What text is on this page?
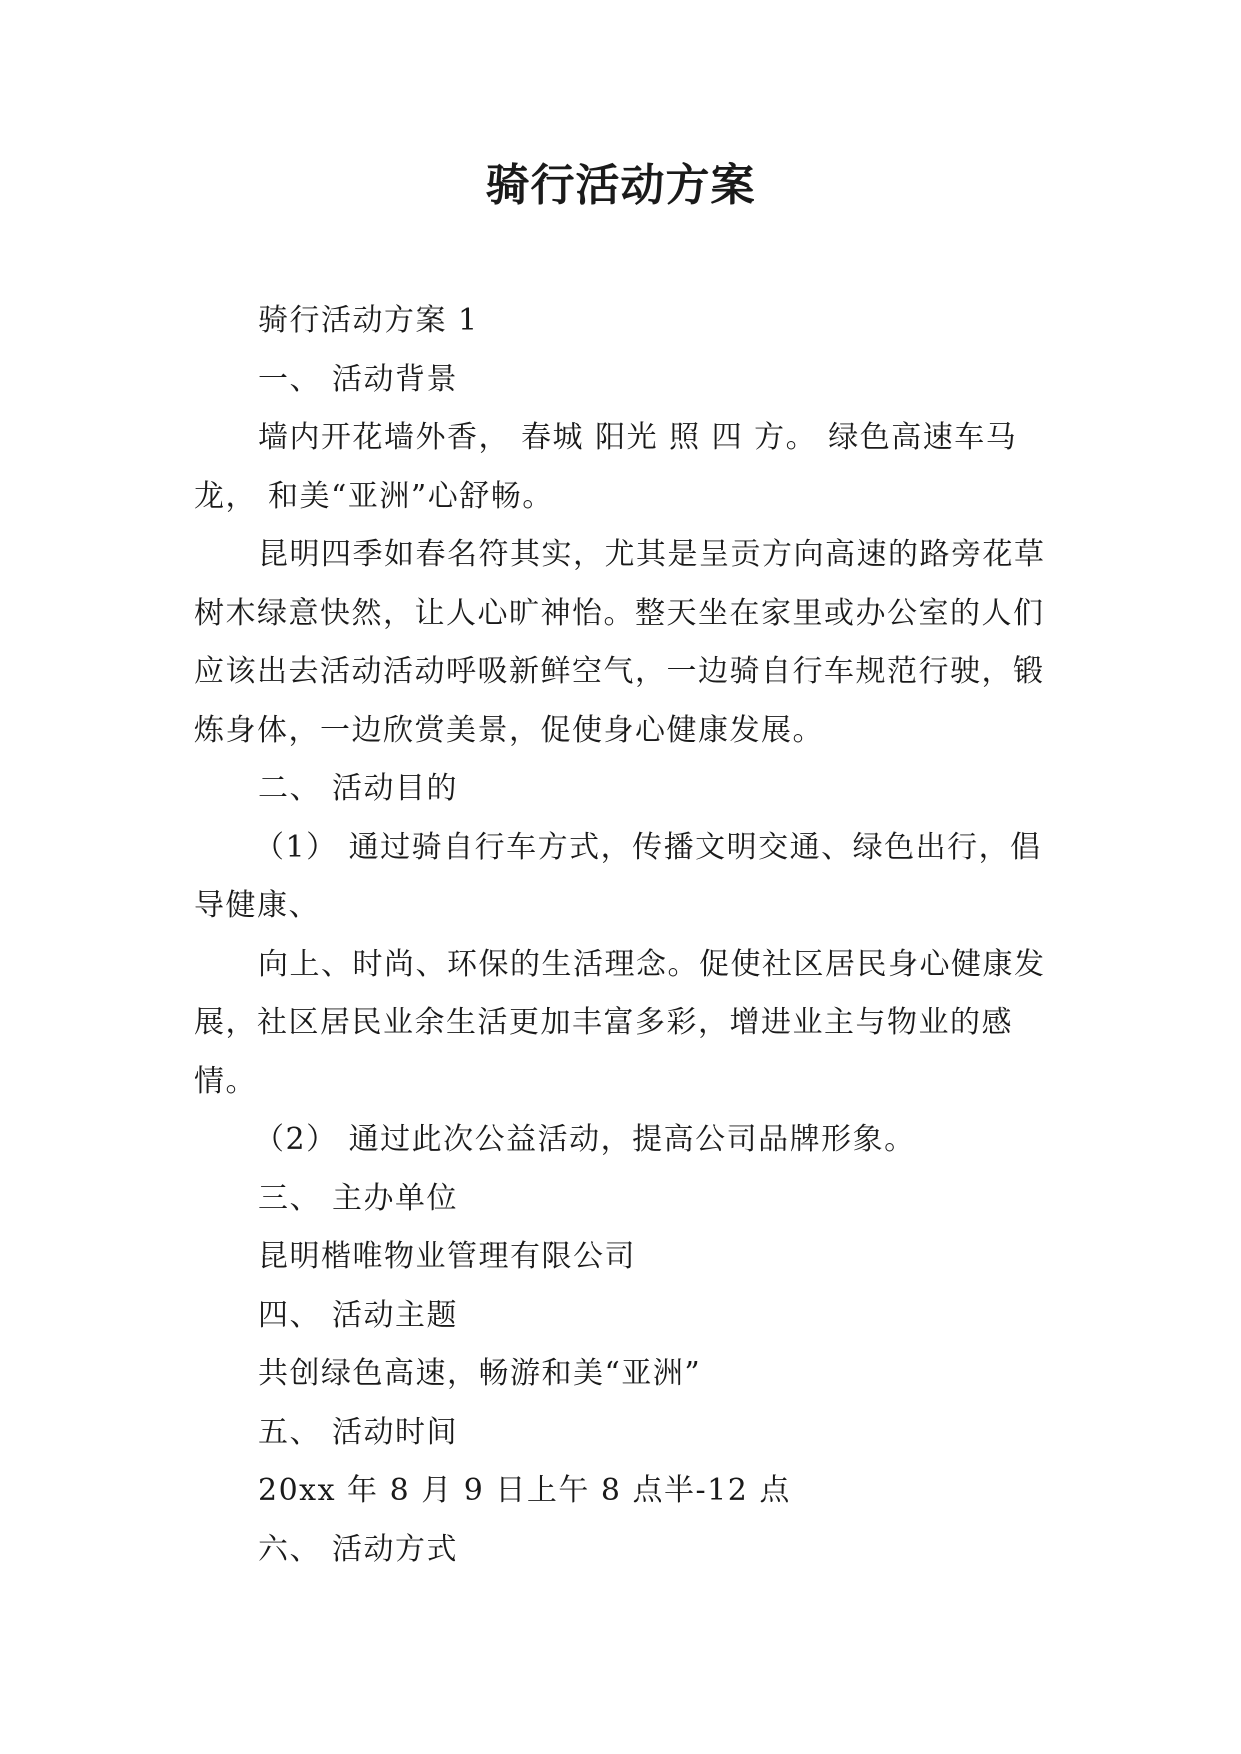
骑行活动方案

骑行活动方案 1

一、 活动背景

墙内开花墙外香， 春城 阳光 照 四 方。 绿色高速车马龙， 和美“亚洲”心舒畅。

昆明四季如春名符其实，尤其是呈贡方向高速的路旁花草树木绿意快然，让人心旷神怡。整天坐在家里或办公室的人们应该出去活动活动呼吸新鲜空气，一边骑自行车规范行驶，锻炼身体，一边欣赏美景，促使身心健康发展。

二、 活动目的

（1） 通过骑自行车方式，传播文明交通、绿色出行，倡导健康、

向上、时尚、环保的生活理念。促使社区居民身心健康发展，社区居民业余生活更加丰富多彩，增进业主与物业的感情。

（2） 通过此次公益活动，提高公司品牌形象。

三、 主办单位

昆明楷唯物业管理有限公司

四、 活动主题

共创绿色高速，畅游和美“亚洲”

五、 活动时间

20xx 年 8 月 9 日上午 8 点半-12 点

六、 活动方式
